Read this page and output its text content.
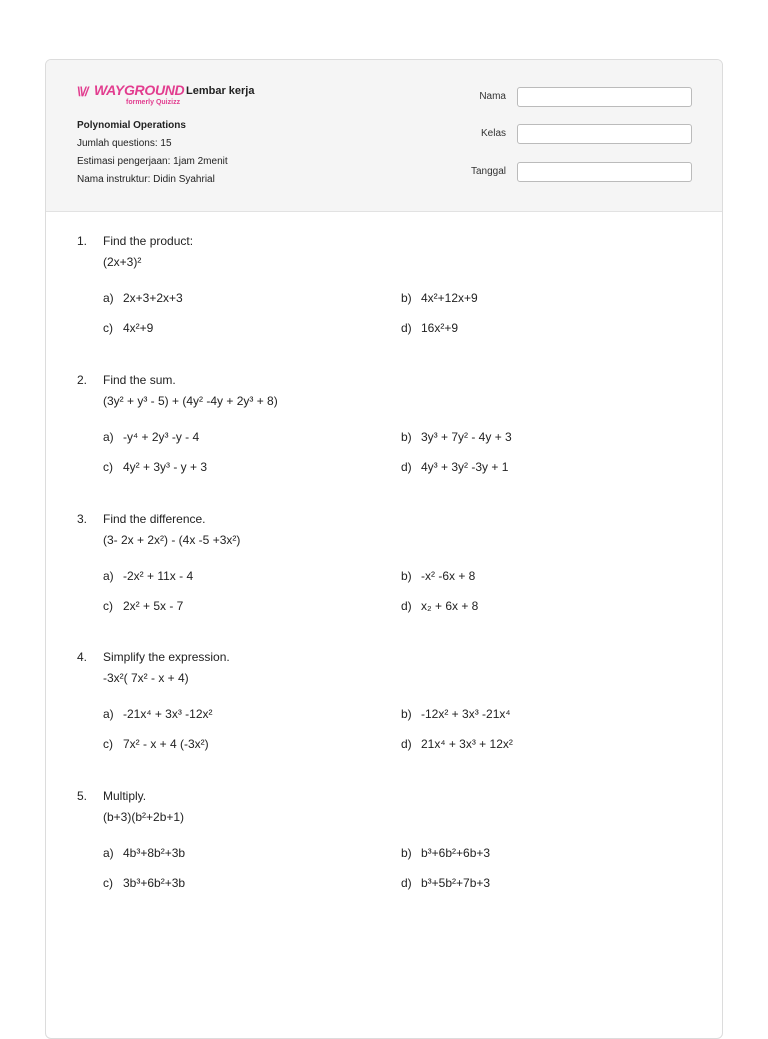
\\// WAYGROUND
formerly Quizizz
Lembar kerja
Polynomial Operations
Jumlah questions: 15
Estimasi pengerjaan: 1jam 2menit
Nama instruktur: Didin Syahrial
Nama
Kelas
Tanggal
1. Find the product:
(2x+3)²
a) 2x+3+2x+3	b) 4x²+12x+9
c) 4x²+9	d) 16x²+9
2. Find the sum.
(3y² + y³ - 5) + (4y² -4y + 2y³ + 8)
a) -y⁴ + 2y³ -y - 4	b) 3y³ + 7y² - 4y + 3
c) 4y² + 3y³ - y + 3	d) 4y³ + 3y² -3y + 1
3. Find the difference.
(3- 2x + 2x²) - (4x -5 +3x²)
a) -2x² + 11x - 4	b) -x² -6x + 8
c) 2x² + 5x - 7	d) x₂ + 6x + 8
4. Simplify the expression.
-3x²( 7x² - x + 4)
a) -21x⁴ + 3x³ -12x²	b) -12x² + 3x³ -21x⁴
c) 7x² - x + 4 (-3x²)	d) 21x⁴ + 3x³ + 12x²
5. Multiply.
(b+3)(b²+2b+1)
a) 4b³+8b²+3b	b) b³+6b²+6b+3
c) 3b³+6b²+3b	d) b³+5b²+7b+3
